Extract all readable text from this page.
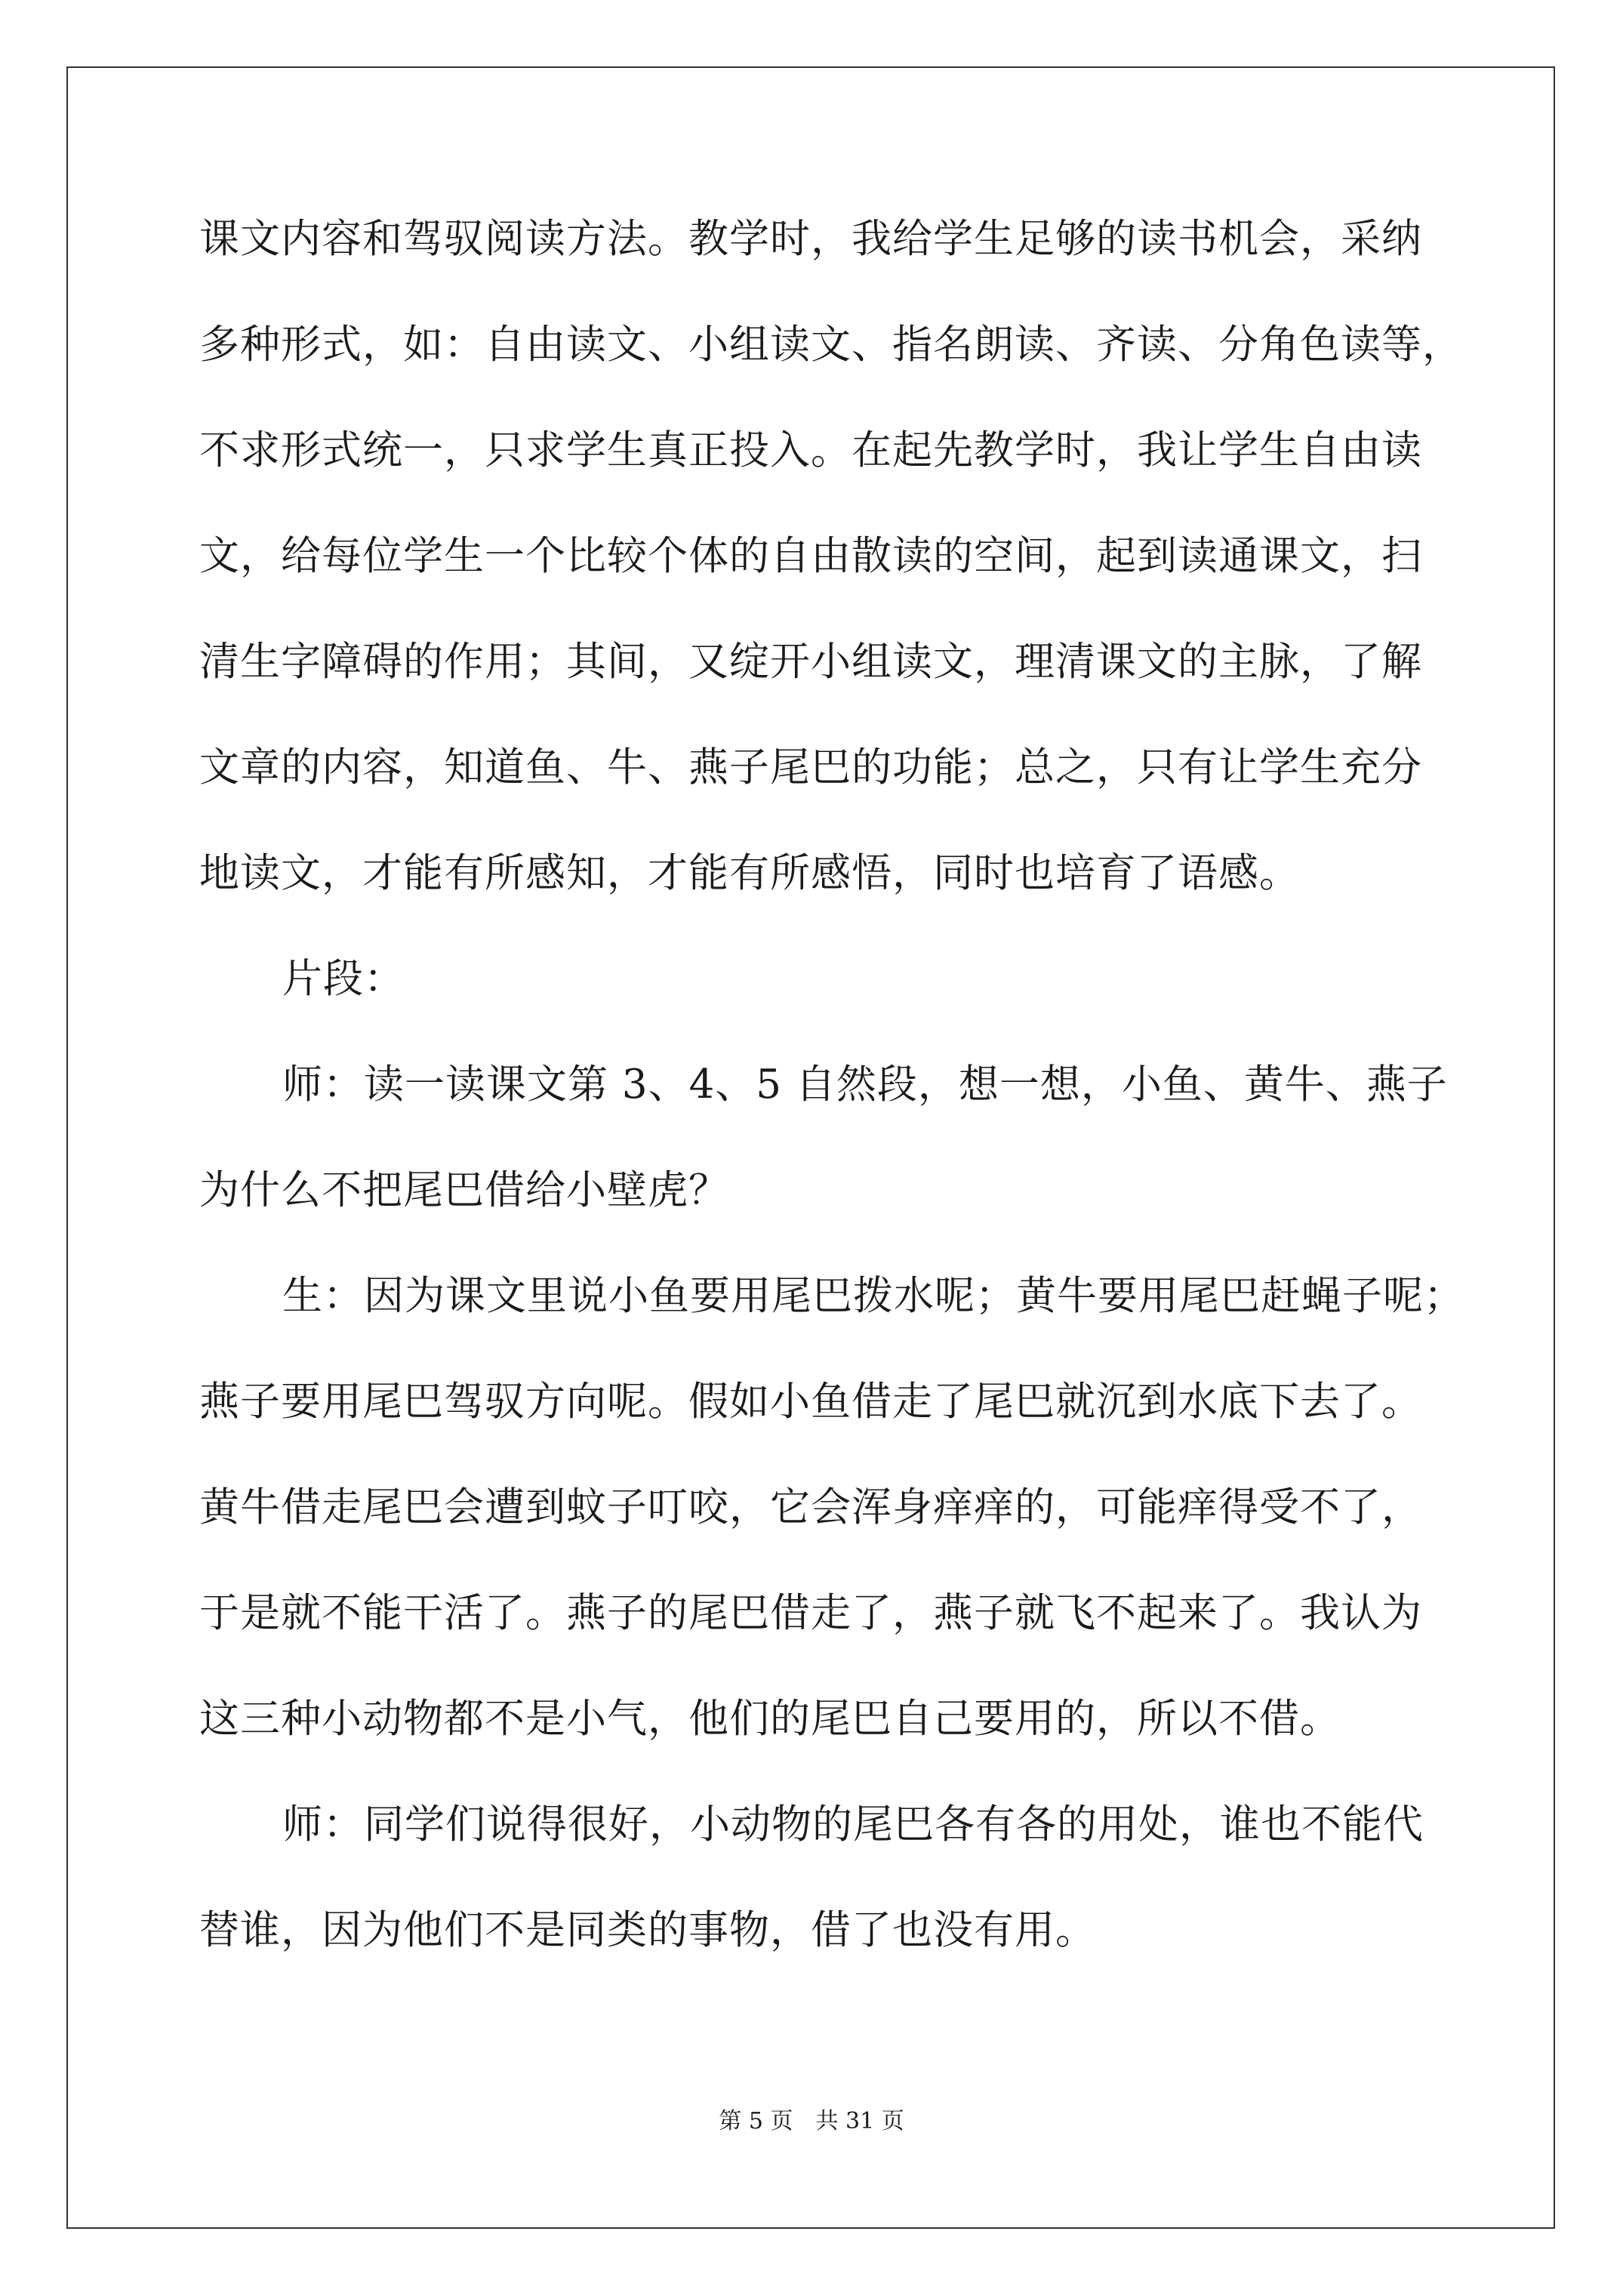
课文内容和驾驭阅读方法。教学时，我给学生足够的读书机会，采纳
多种形式，如：自由读文、小组读文、指名朗读、齐读、分角色读等，
不求形式统一，只求学生真正投入。在起先教学时，我让学生自由读
文，给每位学生一个比较个体的自由散读的空间，起到读通课文，扫
清生字障碍的作用；其间，又绽开小组读文，理清课文的主脉，了解
文章的内容，知道鱼、牛、燕子尾巴的功能；总之，只有让学生充分
地读文，才能有所感知，才能有所感悟，同时也培育了语感。
片段：
师：读一读课文第 3、4、5 自然段，想一想，小鱼、黄牛、燕子
为什么不把尾巴借给小壁虎？
生：因为课文里说小鱼要用尾巴拨水呢；黄牛要用尾巴赶蝇子呢；
燕子要用尾巴驾驭方向呢。假如小鱼借走了尾巴就沉到水底下去了。
黄牛借走尾巴会遭到蚊子叮咬，它会浑身痒痒的，可能痒得受不了，
于是就不能干活了。燕子的尾巴借走了，燕子就飞不起来了。我认为
这三种小动物都不是小气，他们的尾巴自己要用的，所以不借。
师：同学们说得很好，小动物的尾巴各有各的用处，谁也不能代
替谁，因为他们不是同类的事物，借了也没有用。
第 5 页　共 31 页
